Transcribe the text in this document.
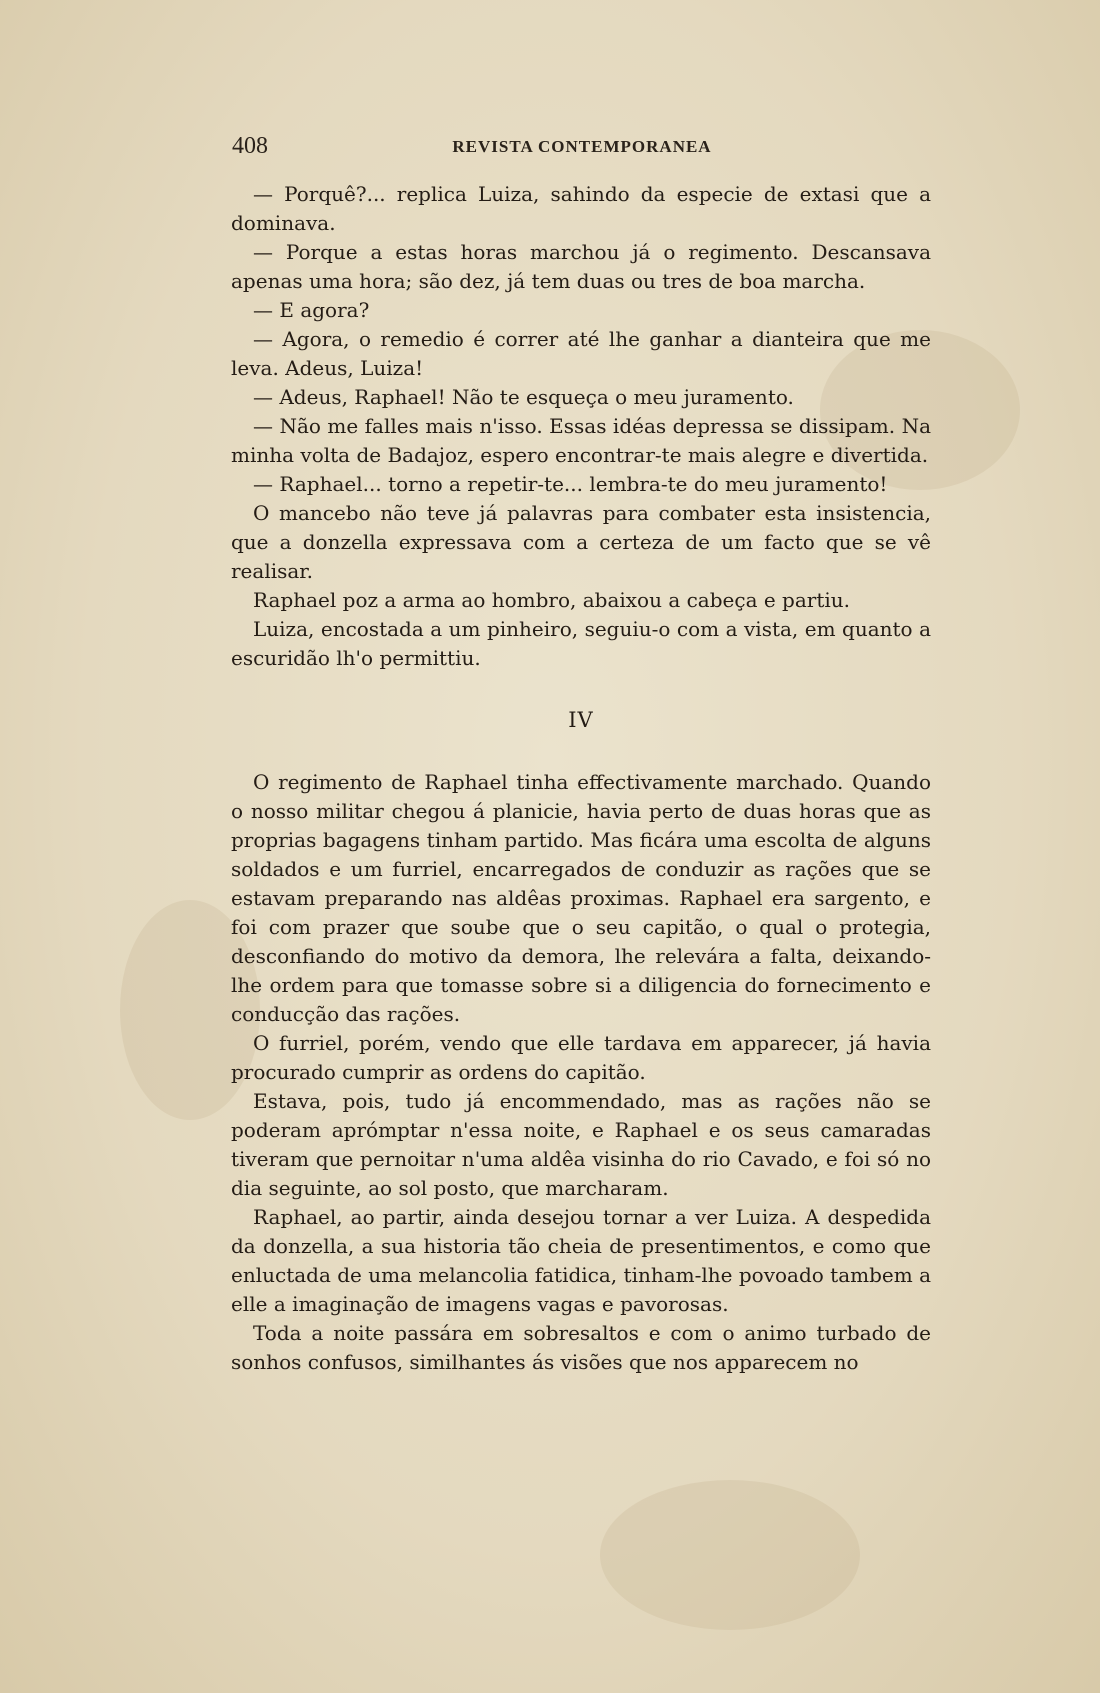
408	REVISTA CONTEMPORANEA

— Porquê?... replica Luiza, sahindo da especie de extasi que a dominava.

— Porque a estas horas marchou já o regimento. Descansava apenas uma hora; são dez, já tem duas ou tres de boa marcha.

— E agora?

— Agora, o remedio é correr até lhe ganhar a dianteira que me leva. Adeus, Luiza!

— Adeus, Raphael! Não te esqueça o meu juramento.

— Não me falles mais n'isso. Essas idéas depressa se dissipam. Na minha volta de Badajoz, espero encontrar-te mais alegre e divertida.

— Raphael... torno a repetir-te... lembra-te do meu juramento!

O mancebo não teve já palavras para combater esta insistencia, que a donzella expressava com a certeza de um facto que se vê realisar.

Raphael poz a arma ao hombro, abaixou a cabeça e partiu.

Luiza, encostada a um pinheiro, seguiu-o com a vista, em quanto a escuridão lh'o permittiu.

IV

O regimento de Raphael tinha effectivamente marchado. Quando o nosso militar chegou á planicie, havia perto de duas horas que as proprias bagagens tinham partido. Mas ficára uma escolta de alguns soldados e um furriel, encarregados de conduzir as rações que se estavam preparando nas aldêas proximas. Raphael era sargento, e foi com prazer que soube que o seu capitão, o qual o protegia, desconfiando do motivo da demora, lhe relevára a falta, deixando-lhe ordem para que tomasse sobre si a diligencia do fornecimento e conducção das rações.

O furriel, porém, vendo que elle tardava em apparecer, já havia procurado cumprir as ordens do capitão.

Estava, pois, tudo já encommendado, mas as rações não se poderam aprómptar n'essa noite, e Raphael e os seus camaradas tiveram que pernoitar n'uma aldêa visinha do rio Cavado, e foi só no dia seguinte, ao sol posto, que marcharam.

Raphael, ao partir, ainda desejou tornar a ver Luiza. A despedida da donzella, a sua historia tão cheia de presentimentos, e como que enluctada de uma melancolia fatidica, tinham-lhe povoado tambem a elle a imaginação de imagens vagas e pavorosas.

Toda a noite passára em sobresaltos e com o animo turbado de sonhos confusos, similhantes ás visões que nos apparecem no
